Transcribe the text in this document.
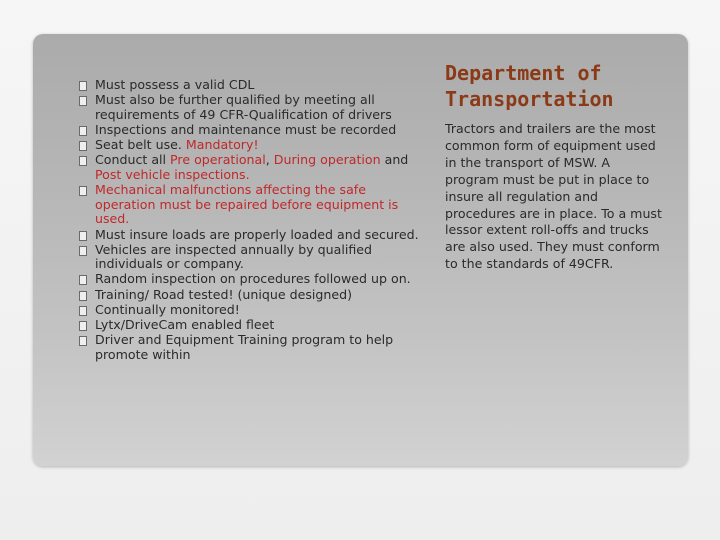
Must possess a valid CDL
Must also be further qualified by meeting all requirements of 49 CFR-Qualification of drivers
Inspections and maintenance must be recorded
Seat belt use. Mandatory!
Conduct all Pre operational, During operation and Post vehicle inspections.
Mechanical malfunctions affecting the safe operation must be repaired before equipment is used.
Must insure loads are properly loaded and secured.
Vehicles are inspected annually by qualified individuals or company.
Random inspection on procedures followed up on.
Training/ Road tested! (unique designed)
Continually monitored!
Lytx/DriveCam enabled fleet
Driver and Equipment Training program to help promote within
Department of
Transportation

Tractors and trailers are the most common form of equipment used in the transport of MSW. A program must be put in place to insure all regulation and procedures are in place. To a must lessor extent roll-offs and trucks are also used. They must conform to the standards of 49CFR.
